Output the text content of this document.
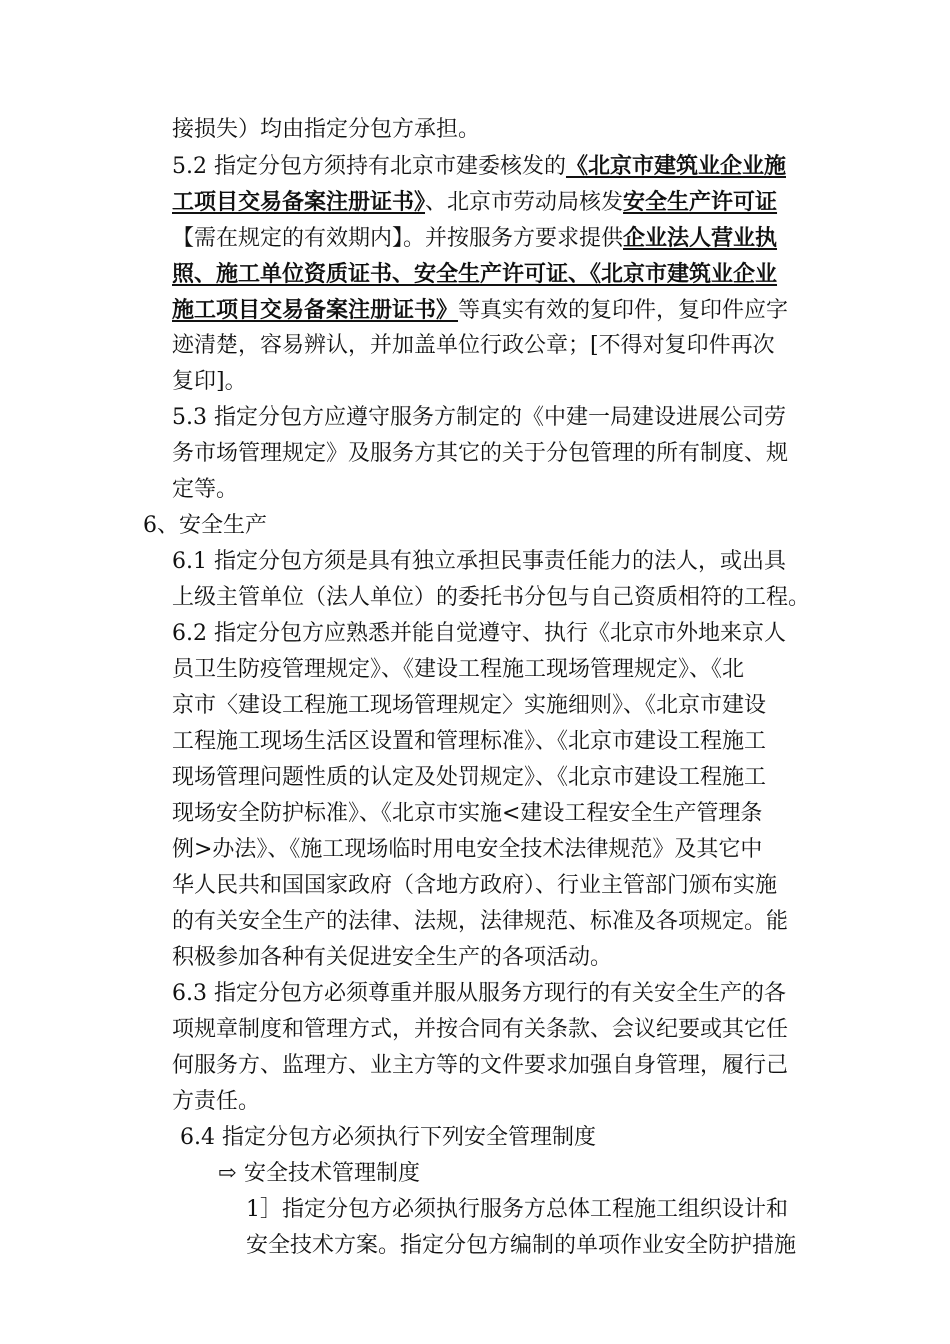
接损失）均由指定分包方承担。
5.2 指定分包方须持有北京市建委核发的《北京市建筑业企业施
工项目交易备案注册证书》、北京市劳动局核发安全生产许可证
【需在规定的有效期内】。并按服务方要求提供企业法人营业执
照、施工单位资质证书、安全生产许可证、《北京市建筑业企业
施工项目交易备案注册证书》等真实有效的复印件，复印件应字
迹清楚，容易辨认，并加盖单位行政公章；[不得对复印件再次
复印]。
5.3 指定分包方应遵守服务方制定的《中建一局建设进展公司劳
务市场管理规定》及服务方其它的关于分包管理的所有制度、规
定等。
6、安全生产
6.1 指定分包方须是具有独立承担民事责任能力的法人，或出具
上级主管单位（法人单位）的委托书分包与自己资质相符的工程。
6.2 指定分包方应熟悉并能自觉遵守、执行《北京市外地来京人
员卫生防疫管理规定》、《建设工程施工现场管理规定》、《北
京市〈建设工程施工现场管理规定〉实施细则》、《北京市建设
工程施工现场生活区设置和管理标准》、《北京市建设工程施工
现场管理问题性质的认定及处罚规定》、《北京市建设工程施工
现场安全防护标准》、《北京市实施<建设工程安全生产管理条
例>办法》、《施工现场临时用电安全技术法律规范》及其它中
华人民共和国国家政府（含地方政府）、行业主管部门颁布实施
的有关安全生产的法律、法规，法律规范、标准及各项规定。能
积极参加各种有关促进安全生产的各项活动。
6.3 指定分包方必须尊重并服从服务方现行的有关安全生产的各
项规章制度和管理方式，并按合同有关条款、会议纪要或其它任
何服务方、监理方、业主方等的文件要求加强自身管理，履行己
方责任。
6.4 指定分包方必须执行下列安全管理制度
⇨ 安全技术管理制度
1］指定分包方必须执行服务方总体工程施工组织设计和
安全技术方案。指定分包方编制的单项作业安全防护措施
